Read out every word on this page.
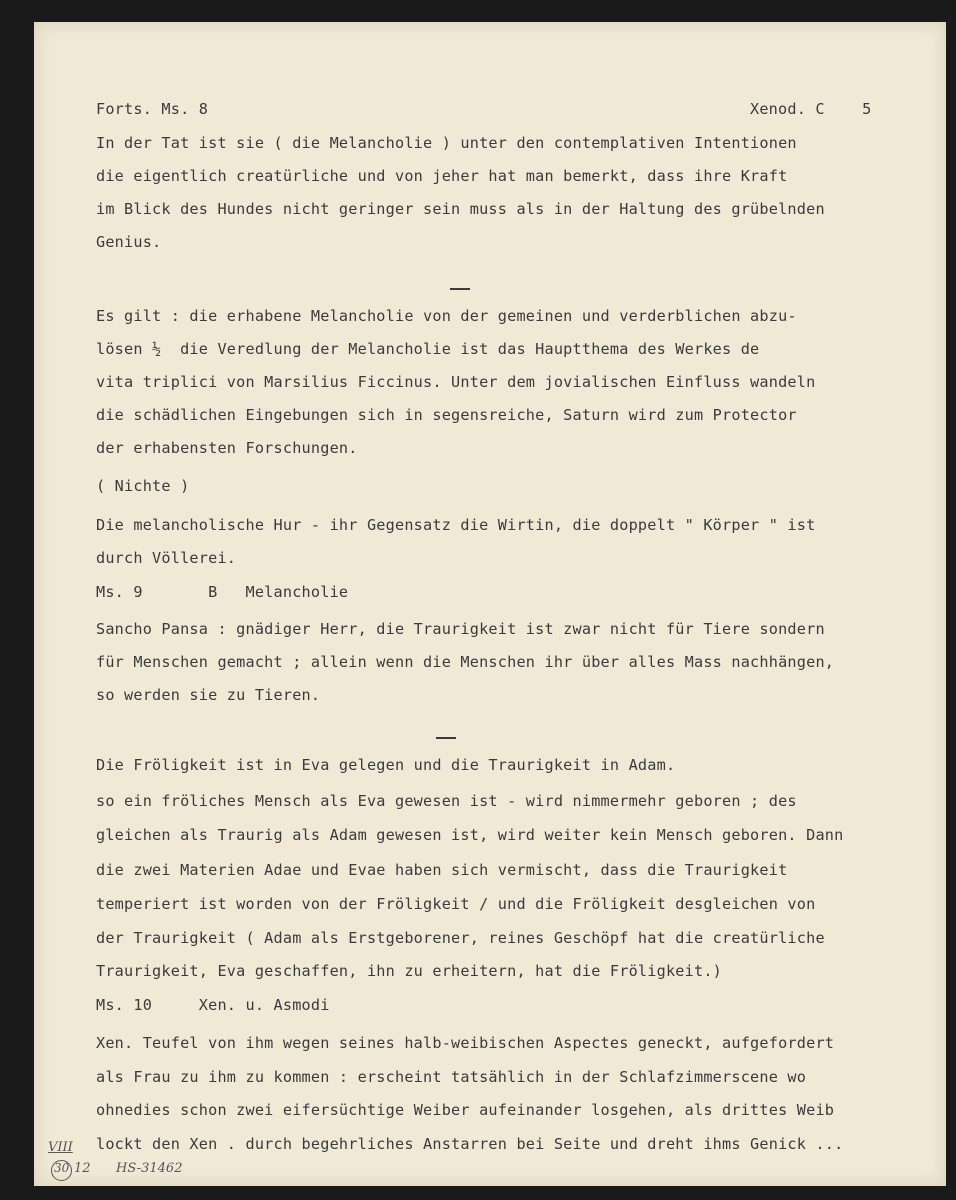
Forts. Ms. 8	Xenod. C    5
In der Tat ist sie ( die Melancholie ) unter den contemplativen Intentionen
die eigentlich creatürliche und von jeher hat man bemerkt, dass ihre Kraft
im Blick des Hundes nicht geringer sein muss als in der Haltung des grübelnden
Genius.
Es gilt : die erhabene Melancholie von der gemeinen und verderblichen abzu-
lösen ½  die Veredlung der Melancholie ist das Hauptthema des Werkes de
vita triplici von Marsilius Ficcinus. Unter dem jovialischen Einfluss wandeln
die schädlichen Eingebungen sich in segensreiche, Saturn wird zum Protector
der erhabensten Forschungen.
( Nichte )
Die melancholische Hur - ihr Gegensatz die Wirtin, die doppelt " Körper " ist
durch Völlerei.
Ms. 9       B   Melancholie
Sancho Pansa : gnädiger Herr, die Traurigkeit ist zwar nicht für Tiere sondern
für Menschen gemacht ; allein wenn die Menschen ihr über alles Mass nachhängen,
so werden sie zu Tieren.
Die Fröligkeit ist in Eva gelegen und die Traurigkeit in Adam.
so ein fröliches Mensch als Eva gewesen ist - wird nimmermehr geboren ; des
gleichen als Traurig als Adam gewesen ist, wird weiter kein Mensch geboren. Dann
die zwei Materien Adae und Evae haben sich vermischt, dass die Traurigkeit
temperiert ist worden von der Fröligkeit / und die Fröligkeit desgleichen von
der Traurigkeit ( Adam als Erstgeborener, reines Geschöpf hat die creatürliche
Traurigkeit, Eva geschaffen, ihn zu erheitern, hat die Fröligkeit.)
Ms. 10     Xen. u. Asmodi
Xen. Teufel von ihm wegen seines halb-weibischen Aspectes geneckt, aufgefordert
als Frau zu ihm zu kommen : erscheint tatsählich in der Schlafzimmerscene wo
ohnedies schon zwei eifersüchtige Weiber aufeinander losgehen, als drittes Weib
lockt den Xen . durch begehrliches Anstarren bei Seite und dreht ihms Genick ...
VIII
30 12 HS-31462
